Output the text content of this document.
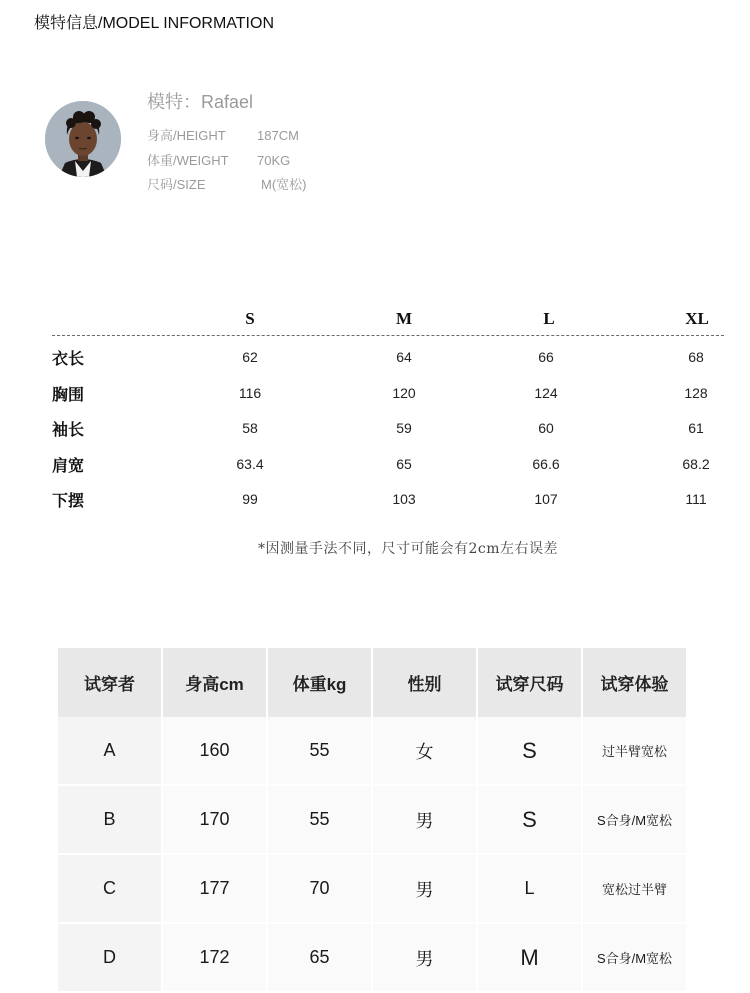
模特信息/MODEL INFORMATION
模特：Rafael
身高/HEIGHT 187CM
体重/WEIGHT 70KG
尺码/SIZE	M(宽松)
S	M	L	XL
衣长	62	64	66	68
胸围	116	120	124	128
袖长	58	59	60	61
肩宽	63.4	65	66.6	68.2
下摆	99	103	107	111
*因测量手法不同，尺寸可能会有2cm左右误差
试穿者	身高cm	体重kg	性别	试穿尺码	试穿体验
A	160	55	女	S	过半臂宽松
B	170	55	男	S	S合身/M宽松
C	177	70	男	L	宽松过半臂
D	172	65	男	M	S合身/M宽松
